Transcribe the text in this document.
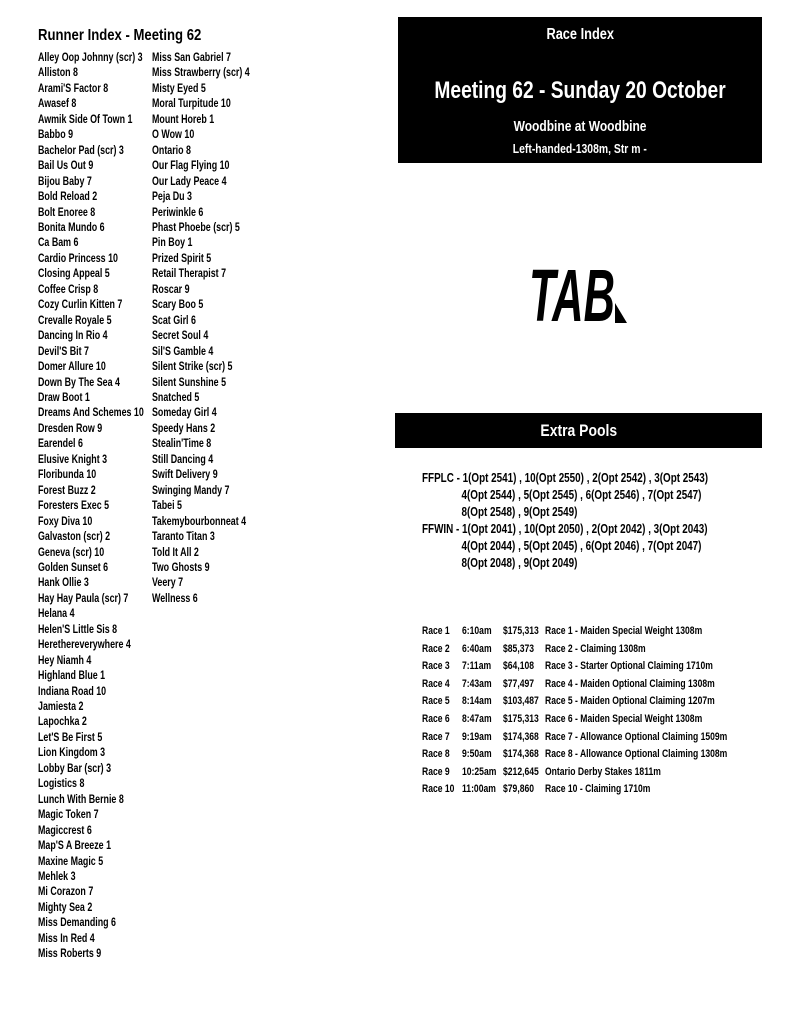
Runner Index - Meeting 62
Alley Oop Johnny (scr) 3
Alliston 8
Arami'S Factor 8
Awasef 8
Awmik Side Of Town 1
Babbo 9
Bachelor Pad (scr) 3
Bail Us Out 9
Bijou Baby 7
Bold Reload 2
Bolt Enoree 8
Bonita Mundo 6
Ca Bam 6
Cardio Princess 10
Closing Appeal 5
Coffee Crisp 8
Cozy Curlin Kitten 7
Crevalle Royale 5
Dancing In Rio 4
Devil'S Bit 7
Domer Allure 10
Down By The Sea 4
Draw Boot 1
Dreams And Schemes 10
Dresden Row 9
Earendel 6
Elusive Knight 3
Floribunda 10
Forest Buzz 2
Foresters Exec 5
Foxy Diva 10
Galvaston (scr) 2
Geneva (scr) 10
Golden Sunset 6
Hank Ollie 3
Hay Hay Paula (scr) 7
Helana 4
Helen'S Little Sis 8
Herethereverywhere 4
Hey Niamh 4
Highland Blue 1
Indiana Road 10
Jamiesta 2
Lapochka 2
Let'S Be First 5
Lion Kingdom 3
Lobby Bar (scr) 3
Logistics 8
Lunch With Bernie 8
Magic Token 7
Magiccrest 6
Map'S A Breeze 1
Maxine Magic 5
Mehlek 3
Mi Corazon 7
Mighty Sea 2
Miss Demanding 6
Miss In Red 4
Miss Roberts 9
Miss San Gabriel 7
Miss Strawberry (scr) 4
Misty Eyed 5
Moral Turpitude 10
Mount Horeb 1
O Wow 10
Ontario 8
Our Flag Flying 10
Our Lady Peace 4
Peja Du 3
Periwinkle 6
Phast Phoebe (scr) 5
Pin Boy 1
Prized Spirit 5
Retail Therapist 7
Roscar 9
Scary Boo 5
Scat Girl 6
Secret Soul 4
Sil'S Gamble 4
Silent Strike (scr) 5
Silent Sunshine 5
Snatched 5
Someday Girl 4
Speedy Hans 2
Stealin'Time 8
Still Dancing 4
Swift Delivery 9
Swinging Mandy 7
Tabei 5
Takemybourbonneat 4
Taranto Titan 3
Told It All 2
Two Ghosts 9
Veery 7
Wellness 6
Race Index
Meeting 62 - Sunday 20 October
Woodbine at Woodbine
Left-handed-1308m, Str m -
TAB
Extra Pools
FFPLC - 1(Opt 2541) , 10(Opt 2550) , 2(Opt 2542) , 3(Opt 2543)
4(Opt 2544) , 5(Opt 2545) , 6(Opt 2546) , 7(Opt 2547)
8(Opt 2548) , 9(Opt 2549)
FFWIN - 1(Opt 2041) , 10(Opt 2050) , 2(Opt 2042) , 3(Opt 2043)
4(Opt 2044) , 5(Opt 2045) , 6(Opt 2046) , 7(Opt 2047)
8(Opt 2048) , 9(Opt 2049)
Race 1 6:10am $175,313 Race 1 - Maiden Special Weight 1308m
Race 2 6:40am $85,373 Race 2 - Claiming 1308m
Race 3 7:11am $64,108 Race 3 - Starter Optional Claiming 1710m
Race 4 7:43am $77,497 Race 4 - Maiden Optional Claiming 1308m
Race 5 8:14am $103,487 Race 5 - Maiden Optional Claiming 1207m
Race 6 8:47am $175,313 Race 6 - Maiden Special Weight 1308m
Race 7 9:19am $174,368 Race 7 - Allowance Optional Claiming 1509m
Race 8 9:50am $174,368 Race 8 - Allowance Optional Claiming 1308m
Race 9 10:25am $212,645 Ontario Derby Stakes 1811m
Race 10 11:00am $79,860 Race 10 - Claiming 1710m
